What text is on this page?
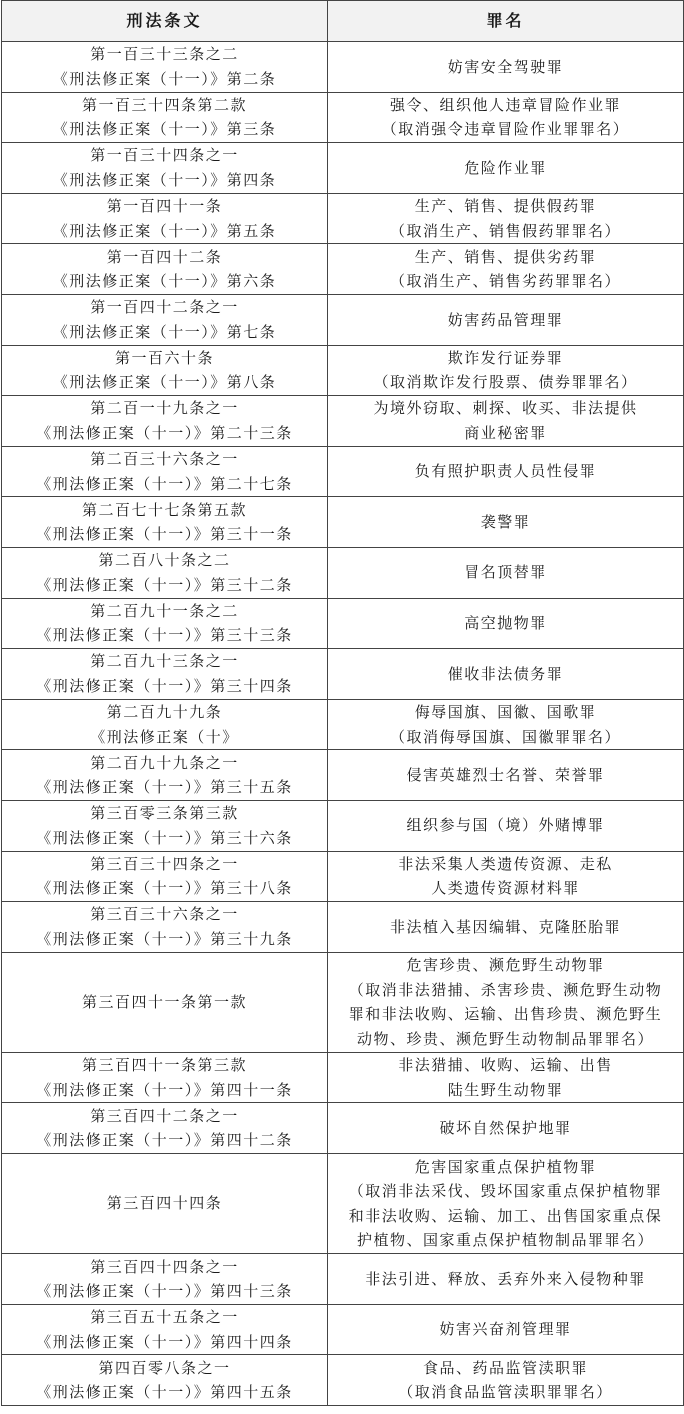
刑法条文	罪名

第一百三十三条之二
《刑法修正案（十一）》第二条	妨害安全驾驶罪

第一百三十四条第二款
《刑法修正案（十一）》第三条	强令、组织他人违章冒险作业罪
（取消强令违章冒险作业罪罪名）

第一百三十四条之一
《刑法修正案（十一）》第四条	危险作业罪

第一百四十一条
《刑法修正案（十一）》第五条	生产、销售、提供假药罪
（取消生产、销售假药罪罪名）

第一百四十二条
《刑法修正案（十一）》第六条	生产、销售、提供劣药罪
（取消生产、销售劣药罪罪名）

第一百四十二条之一
《刑法修正案（十一）》第七条	妨害药品管理罪

第一百六十条
《刑法修正案（十一）》第八条	欺诈发行证券罪
（取消欺诈发行股票、债券罪罪名）

第二百一十九条之一
《刑法修正案（十一）》第二十三条	为境外窃取、刺探、收买、非法提供
商业秘密罪

第二百三十六条之一
《刑法修正案（十一）》第二十七条	负有照护职责人员性侵罪

第二百七十七条第五款
《刑法修正案（十一）》第三十一条	袭警罪

第二百八十条之二
《刑法修正案（十一）》第三十二条	冒名顶替罪

第二百九十一条之二
《刑法修正案（十一）》第三十三条	高空抛物罪

第二百九十三条之一
《刑法修正案（十一）》第三十四条	催收非法债务罪

第二百九十九条
《刑法修正案（十》	侮辱国旗、国徽、国歌罪
（取消侮辱国旗、国徽罪罪名）

第二百九十九条之一
《刑法修正案（十一）》第三十五条	侵害英雄烈士名誉、荣誉罪

第三百零三条第三款
《刑法修正案（十一）》第三十六条	组织参与国（境）外赌博罪

第三百三十四条之一
《刑法修正案（十一）》第三十八条	非法采集人类遗传资源、走私
人类遗传资源材料罪

第三百三十六条之一
《刑法修正案（十一）》第三十九条	非法植入基因编辑、克隆胚胎罪

第三百四十一条第一款	危害珍贵、濒危野生动物罪
（取消非法猎捕、杀害珍贵、濒危野生动物
罪和非法收购、运输、出售珍贵、濒危野生
动物、珍贵、濒危野生动物制品罪罪名）

第三百四十一条第三款
《刑法修正案（十一）》第四十一条	非法猎捕、收购、运输、出售
陆生野生动物罪

第三百四十二条之一
《刑法修正案（十一）》第四十二条	破坏自然保护地罪

第三百四十四条	危害国家重点保护植物罪
（取消非法采伐、毁坏国家重点保护植物罪
和非法收购、运输、加工、出售国家重点保
护植物、国家重点保护植物制品罪罪名）

第三百四十四条之一
《刑法修正案（十一）》第四十三条	非法引进、释放、丢弃外来入侵物种罪

第三百五十五条之一
《刑法修正案（十一）》第四十四条	妨害兴奋剂管理罪

第四百零八条之一
《刑法修正案（十一）》第四十五条	食品、药品监管渎职罪
（取消食品监管渎职罪罪名）
